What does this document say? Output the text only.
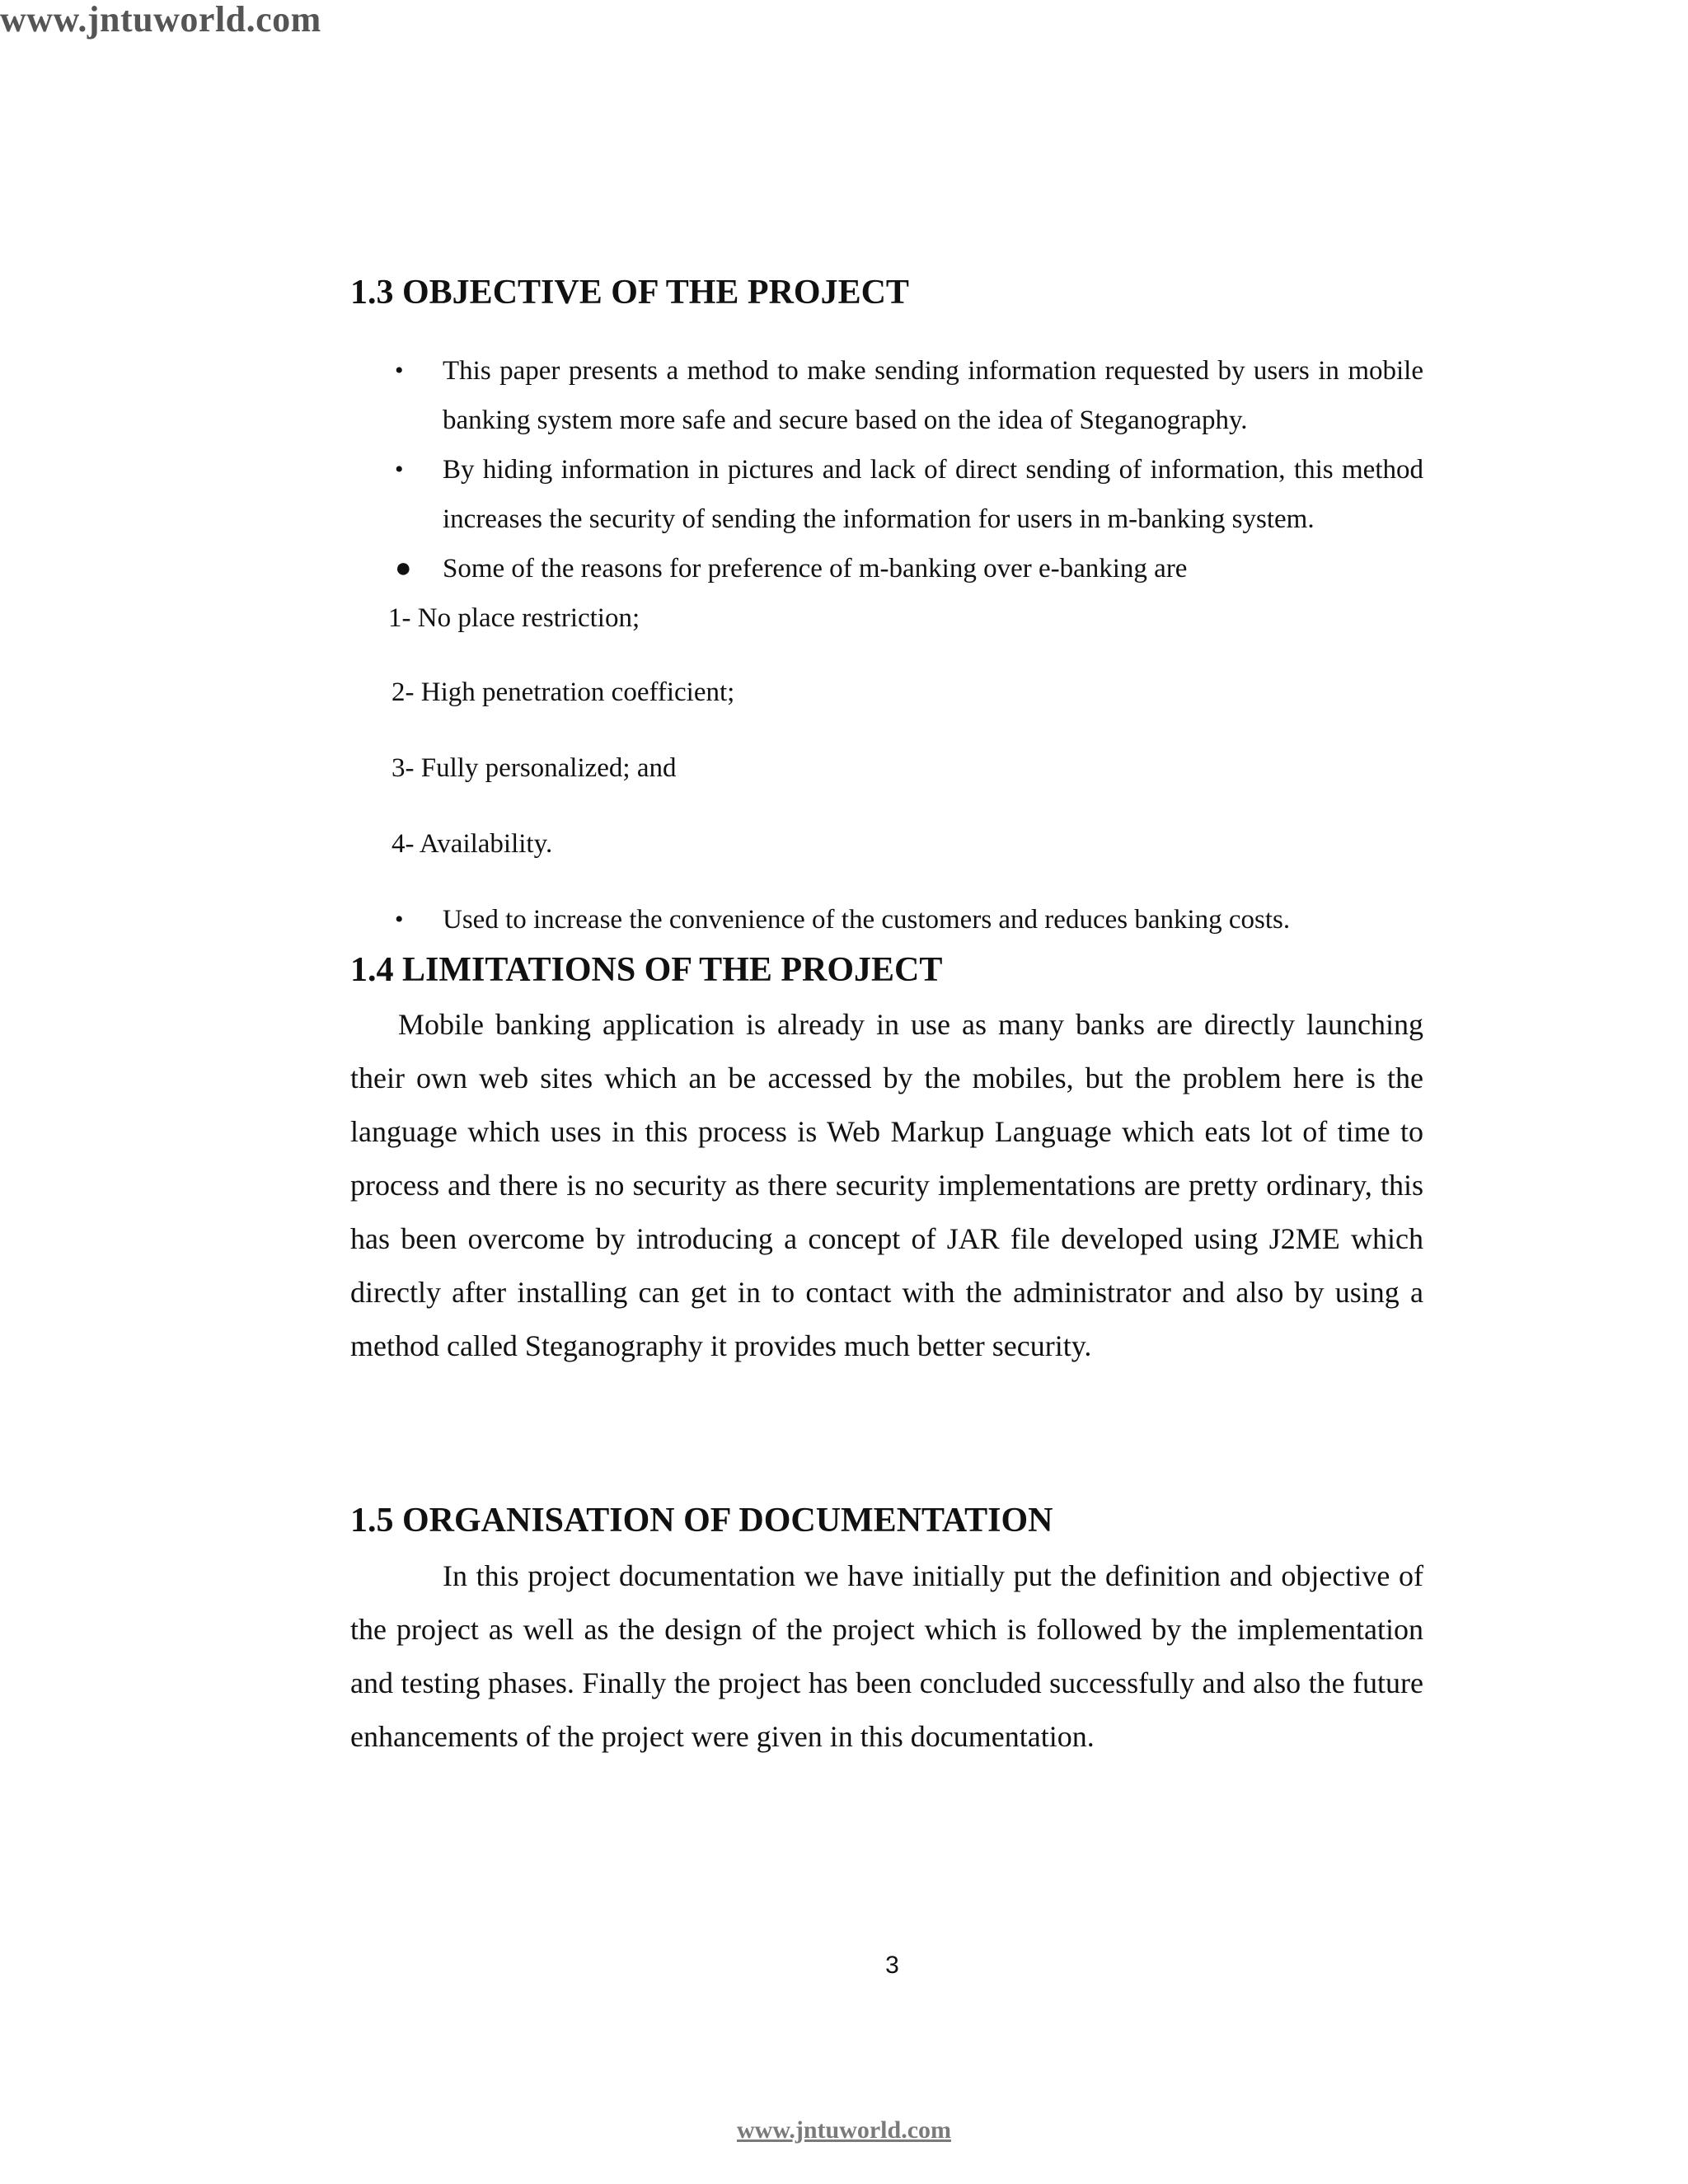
www.jntuworld.com
1.3 OBJECTIVE OF THE PROJECT
• This paper presents a method to make sending information requested by users in mobile banking system more safe and secure based on the idea of Steganography.
• By hiding information in pictures and lack of direct sending of information, this method increases the security of sending the information for users in m-banking system.
● Some of the reasons for preference of m-banking over e-banking are
1- No place restriction;
2- High penetration coefficient;
3- Fully personalized; and
4- Availability.
• Used to increase the convenience of the customers and reduces banking costs.
1.4 LIMITATIONS OF THE PROJECT

Mobile banking application is already in use as many banks are directly launching their own web sites which an be accessed by the mobiles, but the problem here is the language which uses in this process is Web Markup Language which eats lot of time to process and there is no security as there security implementations are pretty ordinary, this has been overcome by introducing a concept of JAR file developed using J2ME which directly after installing can get in to contact with the administrator and also by using a method called Steganography it provides much better security.

1.5 ORGANISATION OF DOCUMENTATION

In this project documentation we have initially put the definition and objective of the project as well as the design of the project which is followed by the implementation and testing phases. Finally the project has been concluded successfully and also the future enhancements of the project were given in this documentation.

3
www.jntuworld.com
